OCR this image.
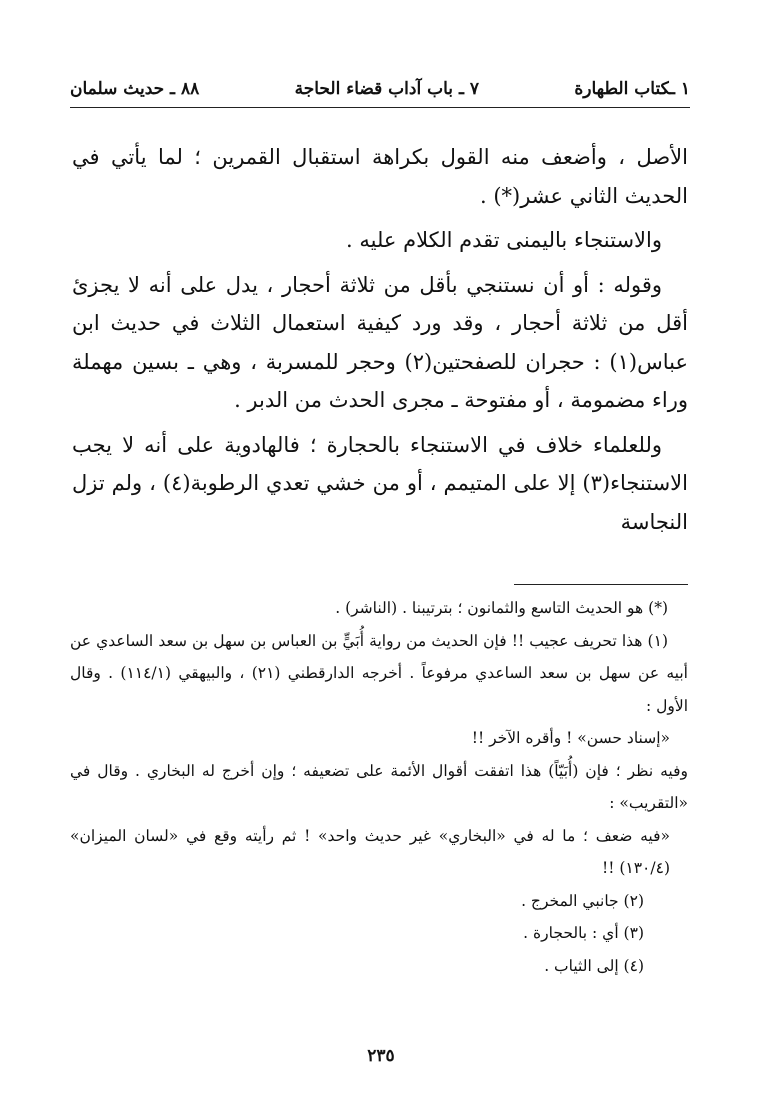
١ ـكتاب الطهارة
٧ ـ باب آداب قضاء الحاجة
٨٨ ـ حديث سلمان

الأصل ، وأضعف منه القول بكراهة استقبال القمرين ؛ لما يأتي في الحديث الثاني عشر(*) .

والاستنجاء باليمنى تقدم الكلام عليه .

وقوله : أو أن نستنجي بأقل من ثلاثة أحجار ، يدل على أنه لا يجزئ أقل من ثلاثة أحجار ، وقد ورد كيفية استعمال الثلاث في حديث ابن عباس(١) : حجران للصفحتين(٢) وحجر للمسربة ، وهي ـ بسين مهملة وراء مضمومة ، أو مفتوحة ـ مجرى الحدث من الدبر .

وللعلماء خلاف في الاستنجاء بالحجارة ؛ فالهادوية على أنه لا يجب الاستنجاء(٣) إلا على المتيمم ، أو من خشي تعدي الرطوبة(٤) ، ولم تزل النجاسة

(*) هو الحديث التاسع والثمانون ؛ بترتيبنا . (الناشر) .

(١) هذا تحريف عجيب !! فإن الحديث من رواية أُبَيٍّ بن العباس بن سهل بن سعد الساعدي عن أبيه عن سهل بن سعد الساعدي مرفوعاً . أخرجه الدارقطني (٢١) ، والبيهقي (١١٤/١) . وقال الأول :

«إسناد حسن» ! وأقره الآخر !!

وفيه نظر ؛ فإن (أُبَيّاً) هذا اتفقت أقوال الأئمة على تضعيفه ؛ وإن أخرج له البخاري . وقال في «التقريب» :

«فيه ضعف ؛ ما له في «البخاري» غير حديث واحد» ! ثم رأيته وقع في «لسان الميزان» (١٣٠/٤) !!

(٢) جانبي المخرج .

(٣) أي : بالحجارة .

(٤) إلى الثياب .

٢٣٥
